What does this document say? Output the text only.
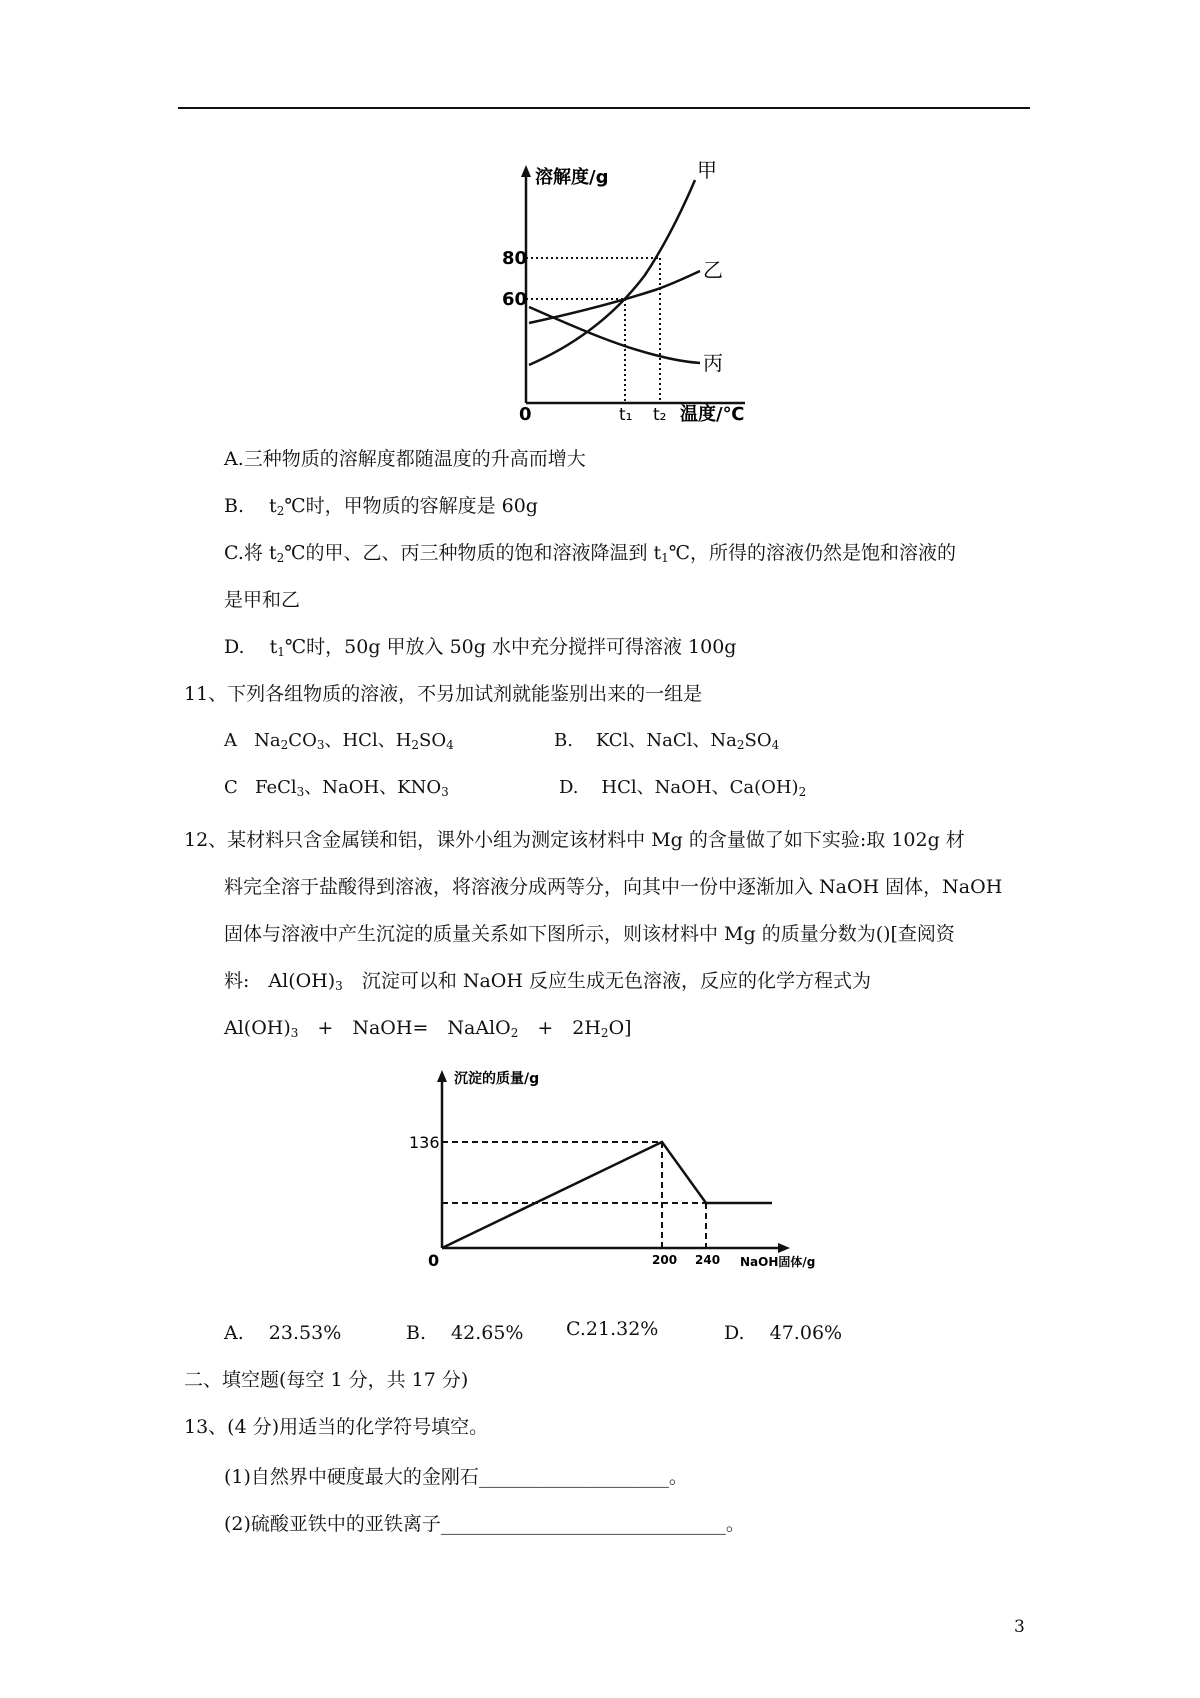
溶解度/g	甲
乙
丙
80
60
0	t₁ t₂ 温度/℃
A.三种物质的溶解度都随温度的升高而增大
B.　 $t_2℃$时，甲物质的容解度是 60g
C.将 $t_2℃$的甲、乙、丙三种物质的饱和溶液降温到 $t_1℃$，所得的溶液仍然是饱和溶液的
是甲和乙
D.　 $t_1℃$时，50g 甲放入 50g 水中充分搅拌可得溶液 100g
11、下列各组物质的溶液，不另加试剂就能鉴别出来的一组是
A $Na_2CO_3$、HCl、$H_2SO_4$	B. KCl、NaCl、$Na_2SO_4$
C FeCl$_3$、NaOH、$KNO_3$	D. HCl、NaOH、$Ca(OH)_2$
12、某材料只含金属镁和铝，课外小组为测定该材料中 Mg 的含量做了如下实验:取 102g 材
料完全溶于盐酸得到溶液，将溶液分成两等分，向其中一份中逐渐加入 NaOH 固体，NaOH
固体与溶液中产生沉淀的质量关系如下图所示，则该材料中 Mg 的质量分数为()[查阅资
料:　$Al(OH)_3$　沉淀可以和 NaOH 反应生成无色溶液，反应的化学方程式为
$Al(OH)_3$　+　NaOH=　NaAlO$_2$　+　$2H_2O$]
沉淀的质量/g
136
0	200 240 NaOH固体/g
A.　 23.53%	B.　 42.65% C.21.32%	D.　 47.06%
二、填空题(每空 1 分，共 17 分)
13、(4 分)用适当的化学符号填空。
(1)自然界中硬度最大的金刚石____________________。
(2)硫酸亚铁中的亚铁离子______________________________。
3
